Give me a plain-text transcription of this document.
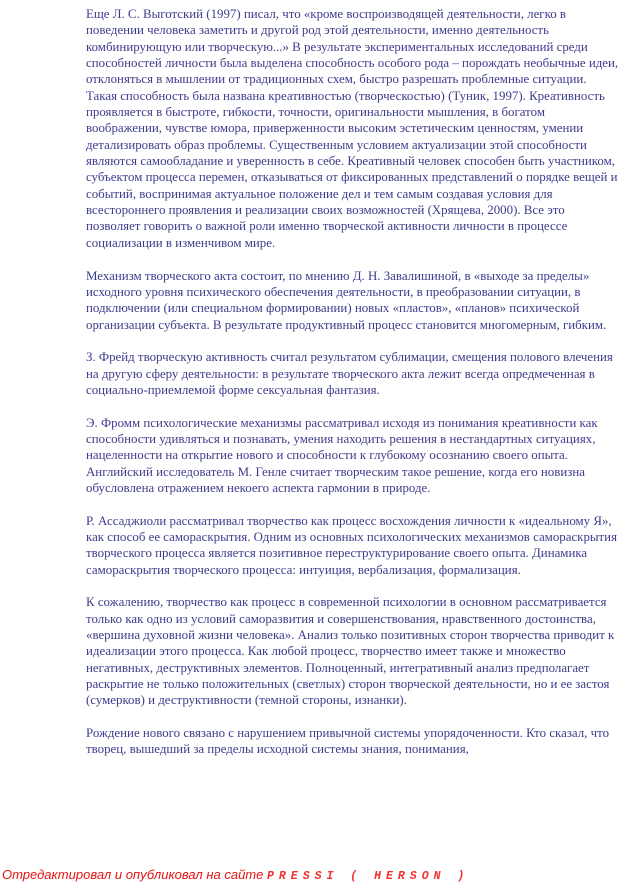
Еще Л. С. Выготский (1997) писал, что «кроме воспроизводящей деятельности, легко в поведении человека заметить и другой род этой деятельности, именно деятельность комбинирующую или творческую...» В результате экспериментальных исследований среди способностей личности была выделена способность особого рода – порождать необычные идеи, отклоняться в мышлении от традиционных схем, быстро разрешать проблемные ситуации. Такая способность была названа креативностью (творческостью) (Туник, 1997). Креативность проявляется в быстроте, гибкости, точности, оригинальности мышления, в богатом воображении, чувстве юмора, приверженности высоким эстетическим ценностям, умении детализировать образ проблемы. Существенным условием актуализации этой способности являются самообладание и уверенность в себе. Креативный человек способен быть участником, субъектом процесса перемен, отказываться от фиксированных представлений о порядке вещей и событий, воспринимая актуальное положение дел и тем самым создавая условия для всестороннего проявления и реализации своих возможностей (Хрящева, 2000). Все это позволяет говорить о важной роли именно творческой активности личности в процессе социализации в изменчивом мире.

Механизм творческого акта состоит, по мнению Д. Н. Завалишиной, в «выходе за пределы» исходного уровня психического обеспечения деятельности, в преобразовании ситуации, в подключении (или специальном формировании) новых «пластов», «планов» психической организации субъекта. В результате продуктивный процесс становится многомерным, гибким.

З. Фрейд творческую активность считал результатом сублимации, смещения полового влечения на другую сферу деятельности: в результате творческого акта лежит всегда опредмеченная в социально-приемлемой форме сексуальная фантазия.

Э. Фромм психологические механизмы рассматривал исходя из понимания креативности как способности удивляться и познавать, умения находить решения в нестандартных ситуациях, нацеленности на открытие нового и способности к глубокому осознанию своего опыта.

Английский исследователь М. Генле считает творческим такое решение, когда его новизна обусловлена отражением некоего аспекта гармонии в природе.

Р. Ассаджиоли рассматривал творчество как процесс восхождения личности к «идеальному Я», как способ ее самораскрытия. Одним из основных психологических механизмов самораскрытия творческого процесса является позитивное переструктурирование своего опыта. Динамика самораскрытия творческого процесса: интуиция, вербализация, формализация.

К сожалению, творчество как процесс в современной психологии в основном рассматривается только как одно из условий саморазвития и совершенствования, нравственного достоинства, «вершина духовной жизни человека». Анализ только позитивных сторон творчества приводит к идеализации этого процесса. Как любой процесс, творчество имеет также и множество негативных, деструктивных элементов. Полноценный, интегративный анализ предполагает раскрытие не только положительных (светлых) сторон творческой деятельности, но и ее застоя (сумерков) и деструктивности (темной стороны, изнанки).

Рождение нового связано с нарушением привычной системы упорядоченности. Кто сказал, что творец, вышедший за пределы исходной системы знания, понимания,

Отредактировал и опубликовал на сайте PRESSI ( HERSON )
